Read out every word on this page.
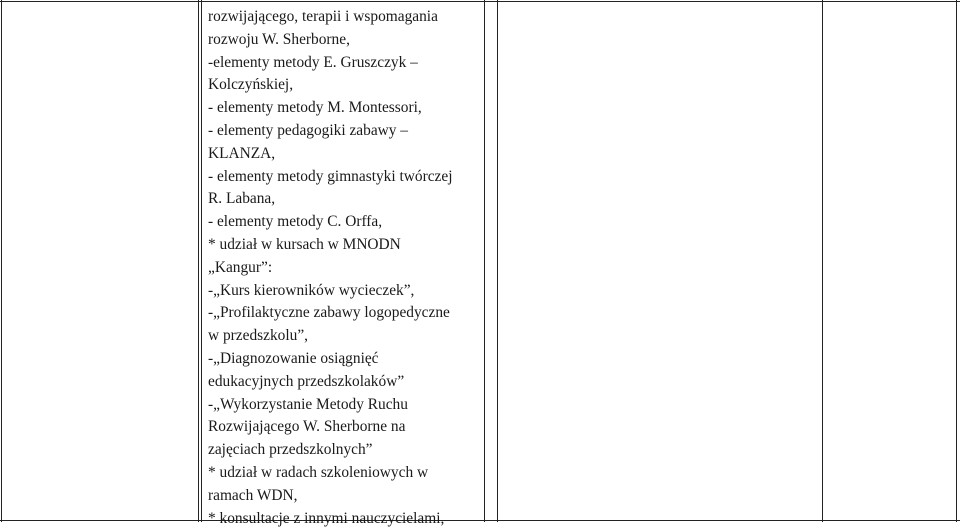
rozwijającego, terapii i wspomagania
rozwoju W. Sherborne,
-elementy metody E. Gruszczyk –
Kolczyńskiej,
- elementy metody M. Montessori,
- elementy pedagogiki zabawy –
KLANZA,
- elementy metody gimnastyki twórczej
R. Labana,
- elementy metody C. Orffa,
* udział w kursach w MNODN
„Kangur”:
-„Kurs kierowników wycieczek”,
-„Profilaktyczne zabawy logopedyczne
w przedszkolu”,
-„Diagnozowanie osiągnięć
edukacyjnych przedszkolaków”
-„Wykorzystanie Metody Ruchu
Rozwijającego W. Sherborne na
zajęciach przedszkolnych”
* udział w radach szkoleniowych w
ramach WDN,
* konsultacje z innymi nauczycielami,
